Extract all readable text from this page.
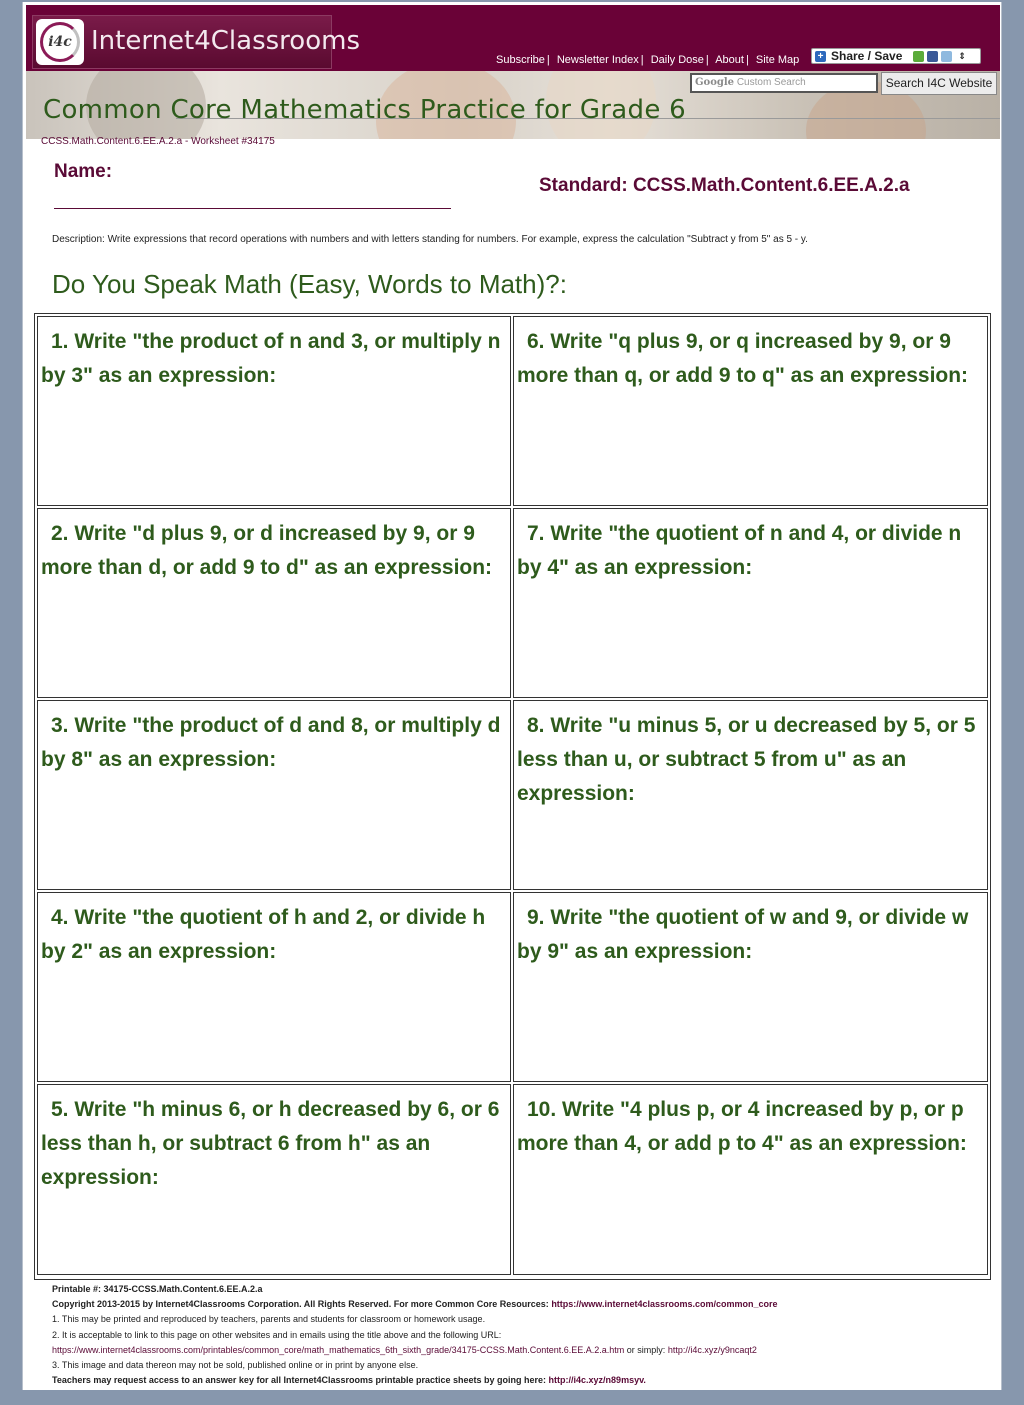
i4c Internet4Classrooms
Subscribe | Newsletter Index | Daily Dose | About | Site Map + Share / Save	⇕
Common Core Mathematics Practice for Grade 6
Google Custom Search	Search I4C Website
CCSS.Math.Content.6.EE.A.2.a - Worksheet #34175
Name:
Standard: CCSS.Math.Content.6.EE.A.2.a
Description: Write expressions that record operations with numbers and with letters standing for numbers. For example, express the calculation "Subtract y from 5" as 5 - y.
Do You Speak Math (Easy, Words to Math)?:
1. Write "the product of n and 3, or multiply n by 3" as an expression:
2. Write "d plus 9, or d increased by 9, or 9 more than d, or add 9 to d" as an expression:
3. Write "the product of d and 8, or multiply d by 8" as an expression:
4. Write "the quotient of h and 2, or divide h by 2" as an expression:
5. Write "h minus 6, or h decreased by 6, or 6 less than h, or subtract 6 from h" as an expression:
6. Write "q plus 9, or q increased by 9, or 9 more than q, or add 9 to q" as an expression:
7. Write "the quotient of n and 4, or divide n by 4" as an expression:
8. Write "u minus 5, or u decreased by 5, or 5 less than u, or subtract 5 from u" as an expression:
9. Write "the quotient of w and 9, or divide w by 9" as an expression:
10. Write "4 plus p, or 4 increased by p, or p more than 4, or add p to 4" as an expression:
Printable #: 34175-CCSS.Math.Content.6.EE.A.2.a
Copyright 2013-2015 by Internet4Classrooms Corporation. All Rights Reserved. For more Common Core Resources: https://www.internet4classrooms.com/common_core
1. This may be printed and reproduced by teachers, parents and students for classroom or homework usage.
2. It is acceptable to link to this page on other websites and in emails using the title above and the following URL:
https://www.internet4classrooms.com/printables/common_core/math_mathematics_6th_sixth_grade/34175-CCSS.Math.Content.6.EE.A.2.a.htm or simply: http://i4c.xyz/y9ncaqt2
3. This image and data thereon may not be sold, published online or in print by anyone else.
Teachers may request access to an answer key for all Internet4Classrooms printable practice sheets by going here: http://i4c.xyz/n89msyv.
